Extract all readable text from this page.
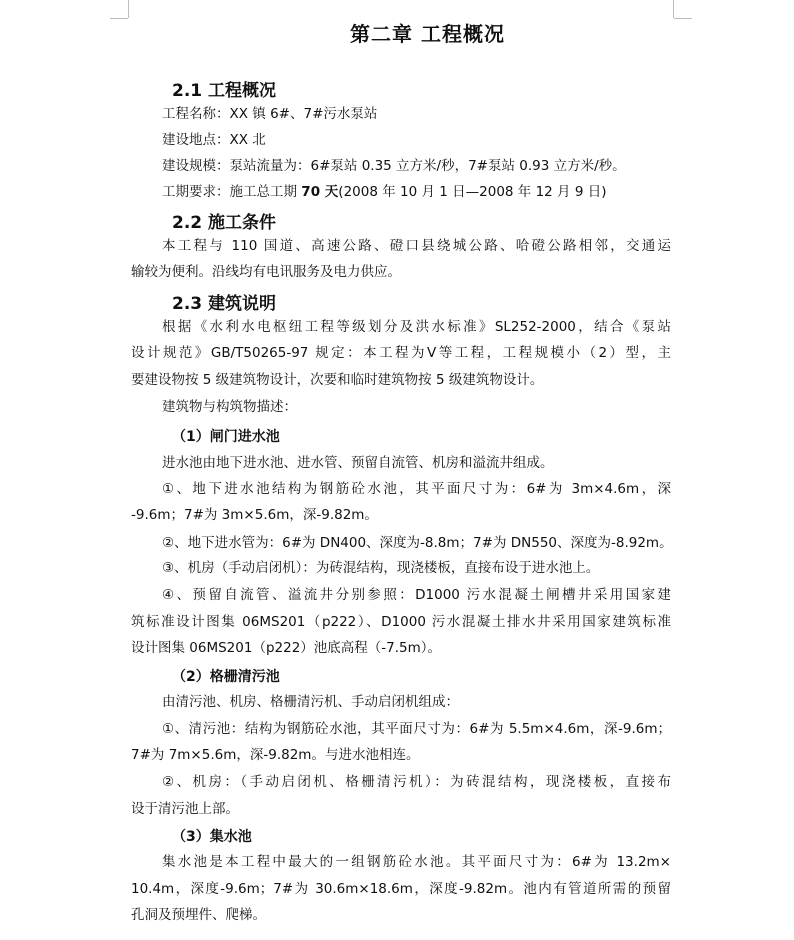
第二章 工程概况
2.1 工程概况
工程名称：XX 镇 6#、7#污水泵站
建设地点：XX 北
建设规模：泵站流量为：6#泵站 0.35 立方米/秒，7#泵站 0.93 立方米/秒。
工期要求：施工总工期 70 天(2008 年 10 月 1 日—2008 年 12 月 9 日)
2.2 施工条件
本工程与 110 国道、高速公路、磴口县绕城公路、哈磴公路相邻，交通运
输较为便利。沿线均有电讯服务及电力供应。
2.3 建筑说明
根据《水利水电枢纽工程等级划分及洪水标准》SL252-2000，结合《泵站
设计规范》GB/T50265-97 规定：本工程为Ⅴ等工程，工程规模小（2）型，主
要建设物按 5 级建筑物设计，次要和临时建筑物按 5 级建筑物设计。
建筑物与构筑物描述：
（1）闸门进水池
进水池由地下进水池、进水管、预留自流管、机房和溢流井组成。
①、地下进水池结构为钢筋砼水池，其平面尺寸为：6#为 3m×4.6m，深
-9.6m；7#为 3m×5.6m，深-9.82m。
②、地下进水管为：6#为 DN400、深度为-8.8m；7#为 DN550、深度为-8.92m。
③、机房（手动启闭机）：为砖混结构，现浇楼板，直接布设于进水池上。
④、预留自流管、溢流井分别参照：D1000 污水混凝土闸槽井采用国家建
筑标准设计图集 06MS201（p222）、D1000 污水混凝土排水井采用国家建筑标准
设计图集 06MS201（p222）池底高程（-7.5m）。
（2）格栅清污池
由清污池、机房、格栅清污机、手动启闭机组成：
①、清污池：结构为钢筋砼水池，其平面尺寸为：6#为 5.5m×4.6m，深-9.6m；
7#为 7m×5.6m，深-9.82m。与进水池相连。
②、机房：（手动启闭机、格栅清污机）：为砖混结构，现浇楼板，直接布
设于清污池上部。
（3）集水池
集水池是本工程中最大的一组钢筋砼水池。其平面尺寸为：6#为 13.2m×
10.4m，深度-9.6m；7#为 30.6m×18.6m，深度-9.82m。池内有管道所需的预留
孔洞及预埋件、爬梯。
